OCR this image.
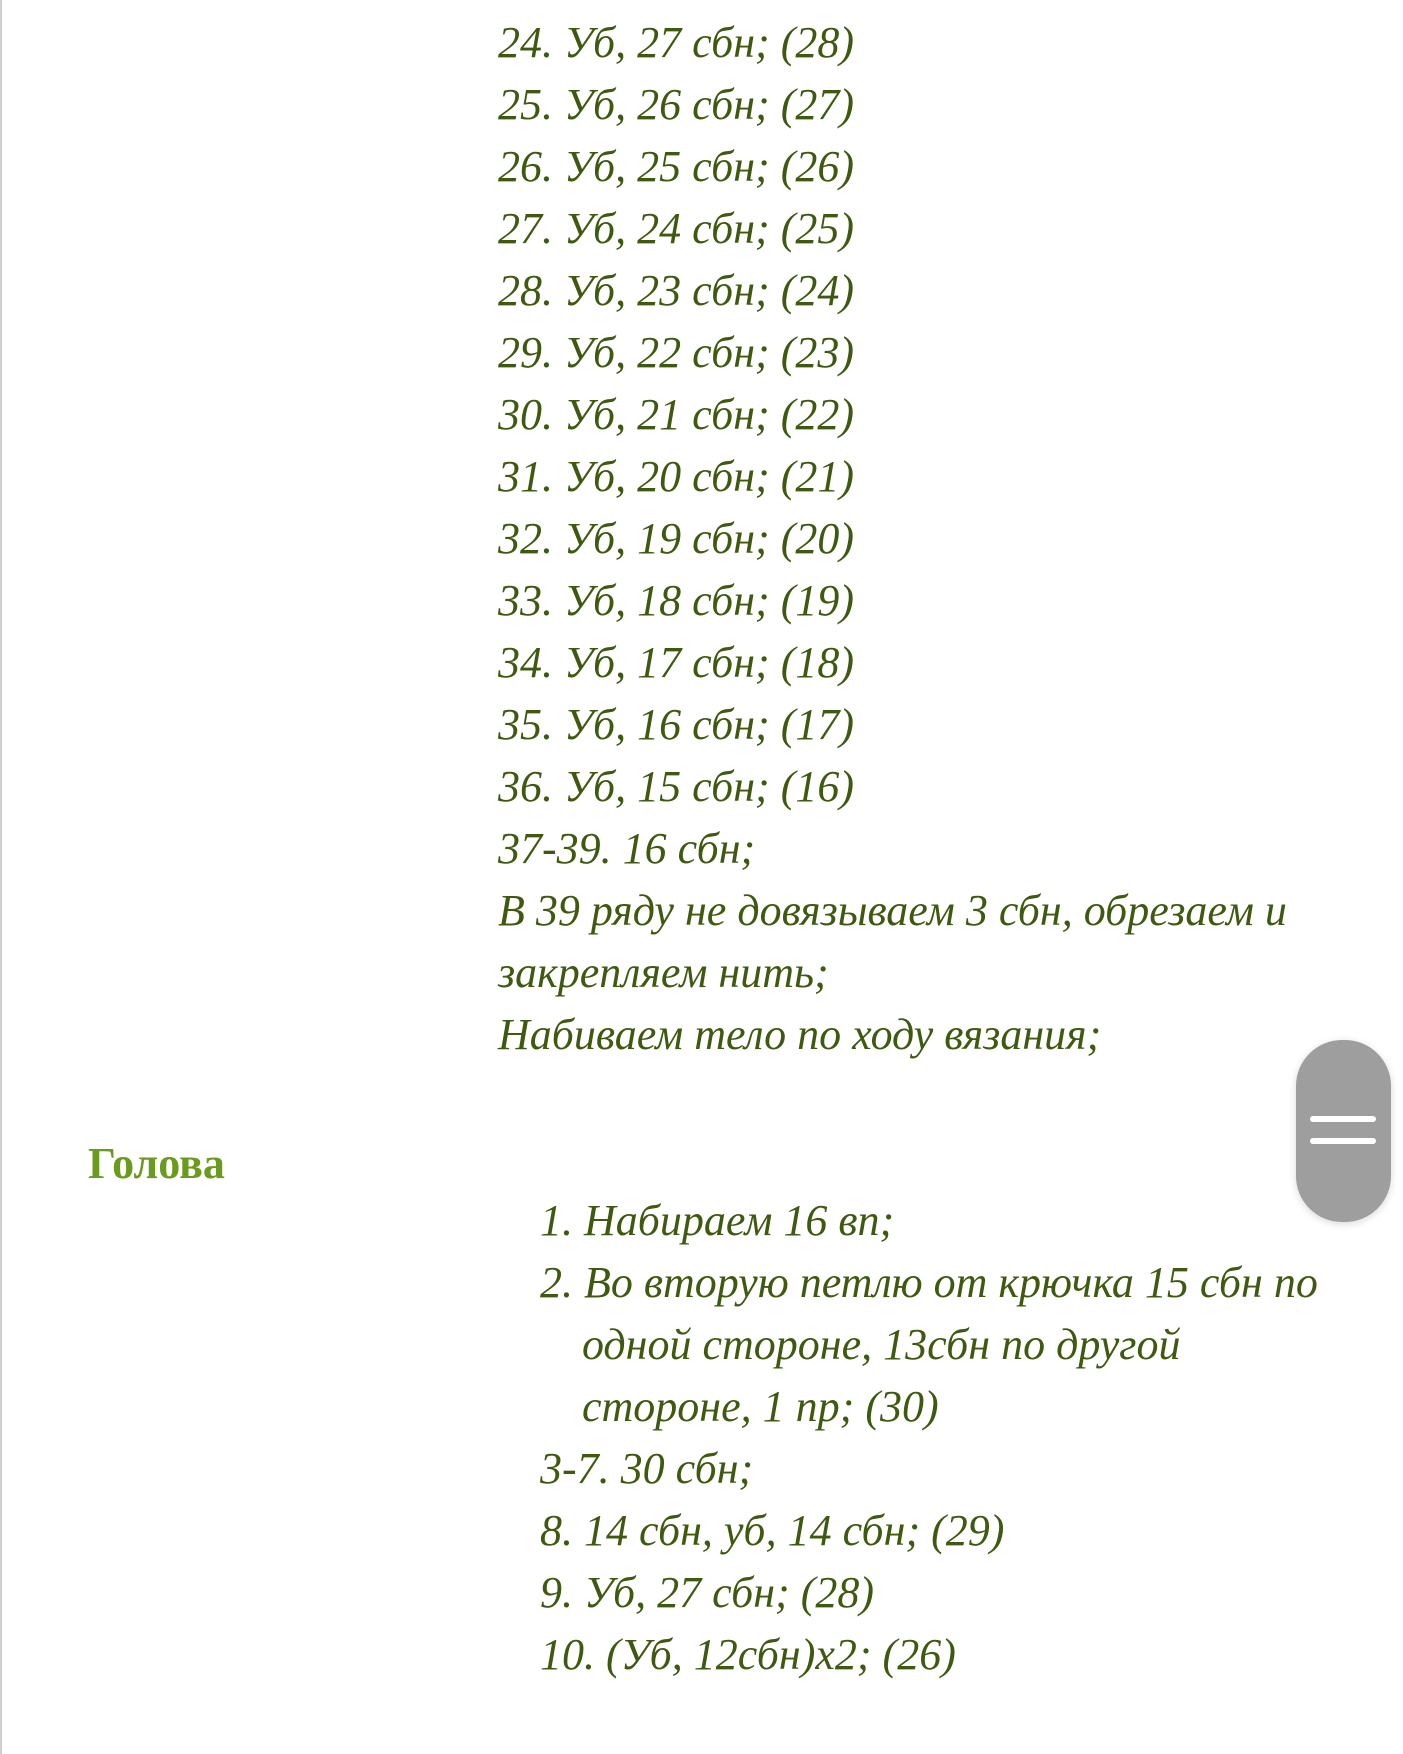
24. Уб, 27 сбн; (28)
25. Уб, 26 сбн; (27)
26. Уб, 25 сбн; (26)
27. Уб, 24 сбн; (25)
28. Уб, 23 сбн; (24)
29. Уб, 22 сбн; (23)
30. Уб, 21 сбн; (22)
31. Уб, 20 сбн; (21)
32. Уб, 19 сбн; (20)
33. Уб, 18 сбн; (19)
34. Уб, 17 сбн; (18)
35. Уб, 16 сбн; (17)
36. Уб, 15 сбн; (16)
37-39. 16 сбн;
В 39 ряду не довязываем 3 сбн, обрезаем и закрепляем нить;
Набиваем тело по ходу вязания;
Голова
1. Набираем 16 вп;
2. Во вторую петлю от крючка 15 сбн по одной стороне, 13сбн по другой стороне, 1 пр; (30)
3-7. 30 сбн;
8. 14 сбн, уб, 14 сбн; (29)
9. Уб, 27 сбн; (28)
10. (Уб, 12сбн)х2; (26)
